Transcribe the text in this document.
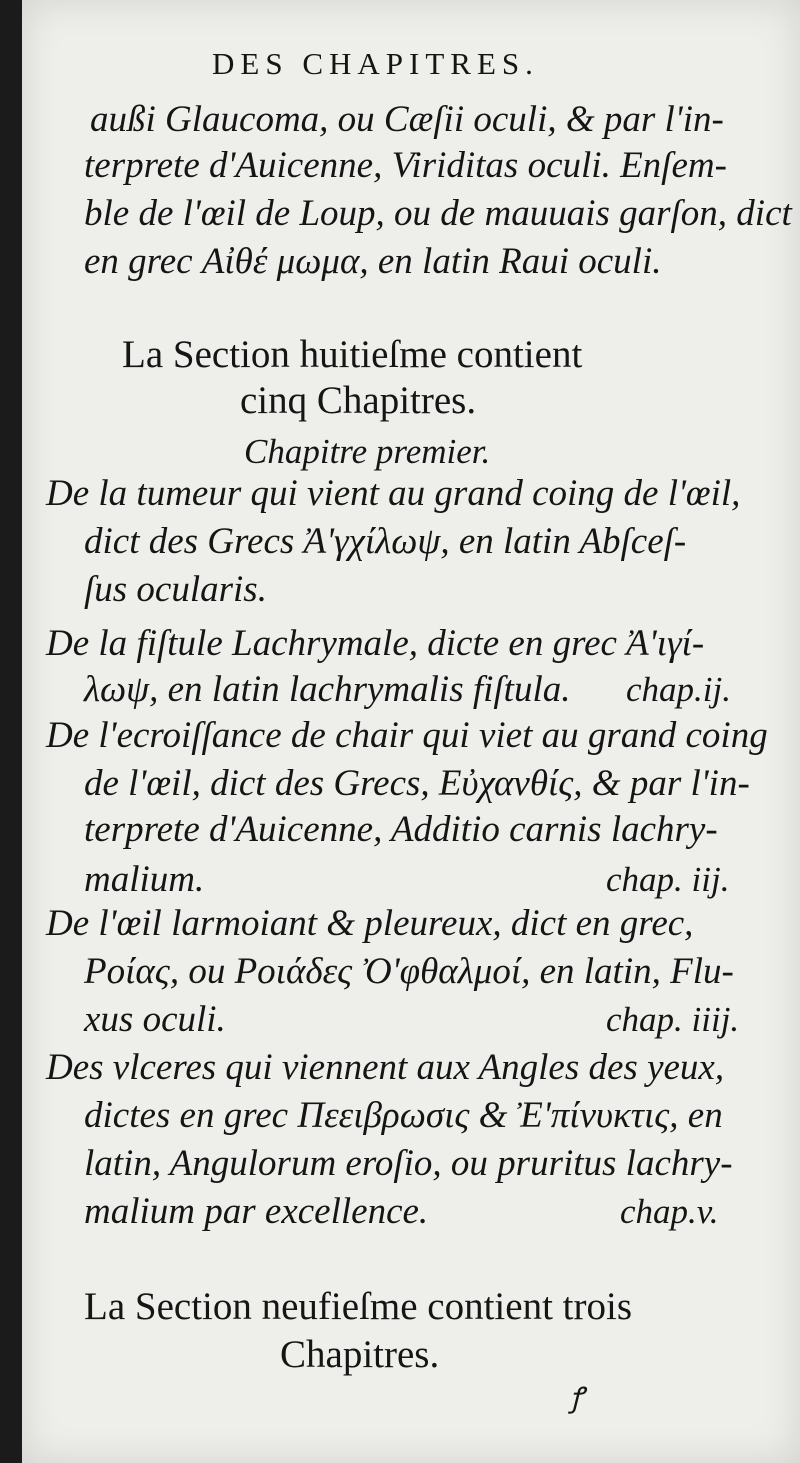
DES CHAPITRES.
außi Glaucoma, ou Cæſii oculi, & par l'in-
terprete d'Auicenne, Viriditas oculi. Enſem-
ble de l'œil de Loup, ou de mauuais garſon, dict
en grec Αἰθέ μωμα, en latin Raui oculi.
La Section huitieſme contient
cinq Chapitres.
Chapitre premier.
De la tumeur qui vient au grand coing de l'œil,
dict des Grecs Ἀ'γχίλωψ, en latin Abſceſ-
ſus ocularis.
De la fiſtule Lachrymale, dicte en grec Ἀ'ιγί-
λωψ, en latin lachrymalis fiſtula. chap.ij.
De l'ecroiſſance de chair qui viet au grand coing
de l'œil, dict des Grecs, Εὐχανθίς, & par l'in-
terprete d'Auicenne, Additio carnis lachry-
malium.	chap. iij.
De l'œil larmoiant & pleureux, dict en grec,
Ροίας, ou Ροιάδες Ὀ'φθαλμοί, en latin, Flu-
xus oculi.	chap. iiij.
Des vlceres qui viennent aux Angles des yeux,
dictes en grec Πεειβρωσις & Ἐ'πίνυκτις, en
latin, Angulorum eroſio, ou pruritus lachry-
malium par excellence.	chap.v.
La Section neufieſme contient trois
Chapitres.
ꝭ
